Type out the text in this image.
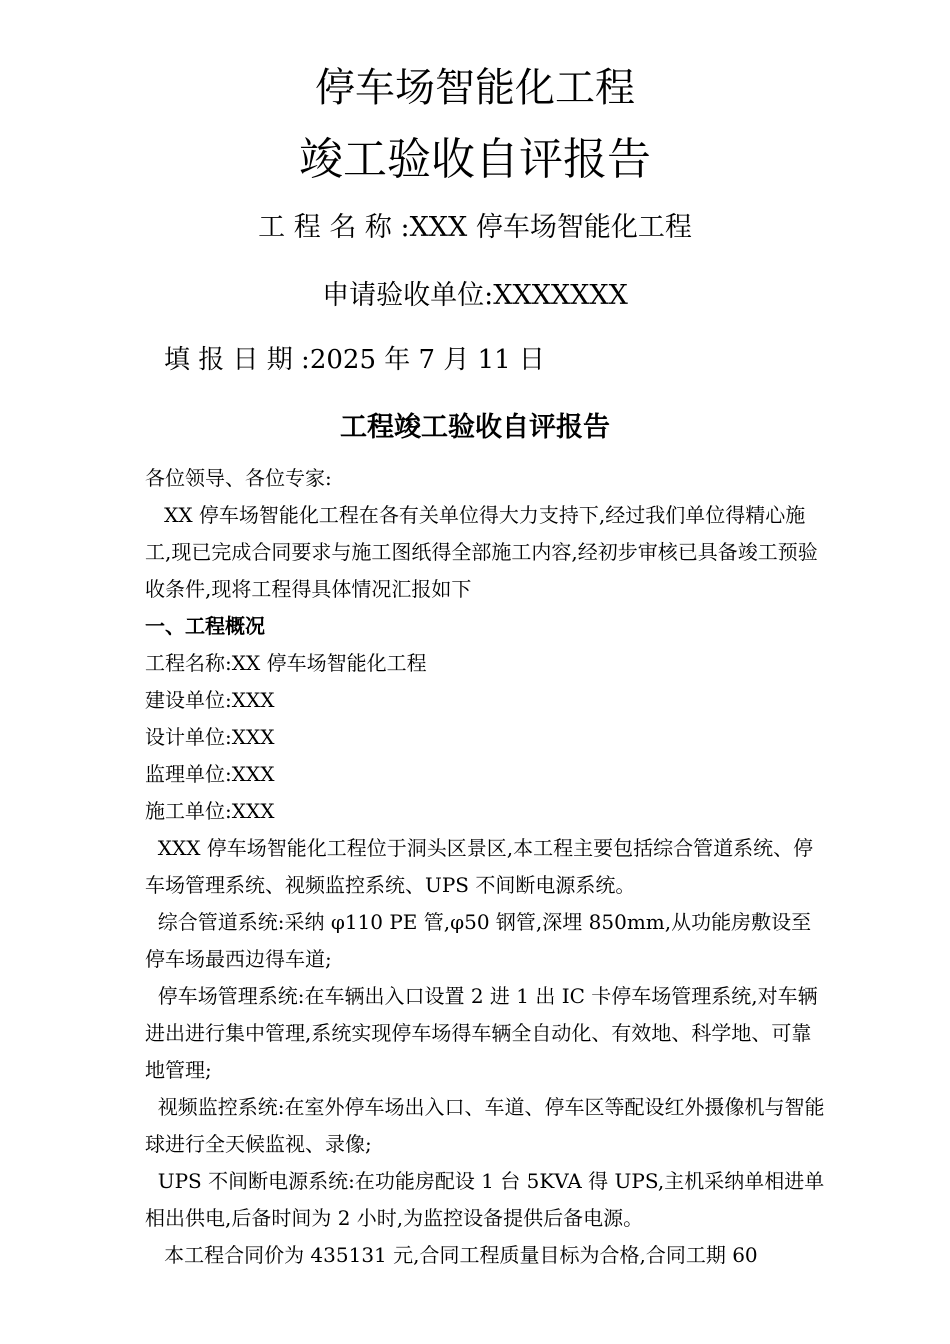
停车场智能化工程
竣工验收自评报告
工 程 名 称 :XXX 停车场智能化工程
申请验收单位:XXXXXXX
填 报 日 期 :2025 年 7 月 11 日
工程竣工验收自评报告

各位领导、各位专家:

XX 停车场智能化工程在各有关单位得大力支持下,经过我们单位得精心施工,现已完成合同要求与施工图纸得全部施工内容,经初步审核已具备竣工预验收条件,现将工程得具体情况汇报如下

一、工程概况

工程名称:XX 停车场智能化工程

建设单位:XXX

设计单位:XXX

监理单位:XXX

施工单位:XXX

XXX 停车场智能化工程位于洞头区景区,本工程主要包括综合管道系统、停车场管理系统、视频监控系统、UPS 不间断电源系统。

综合管道系统:采纳 φ110 PE 管,φ50 钢管,深埋 850mm,从功能房敷设至停车场最西边得车道;

停车场管理系统:在车辆出入口设置 2 进 1 出 IC 卡停车场管理系统,对车辆进出进行集中管理,系统实现停车场得车辆全自动化、有效地、科学地、可靠地管理;

视频监控系统:在室外停车场出入口、车道、停车区等配设红外摄像机与智能球进行全天候监视、录像;

UPS 不间断电源系统:在功能房配设 1 台 5KVA 得 UPS,主机采纳单相进单相出供电,后备时间为 2 小时,为监控设备提供后备电源。

本工程合同价为 435131 元,合同工程质量目标为合格,合同工期 60
